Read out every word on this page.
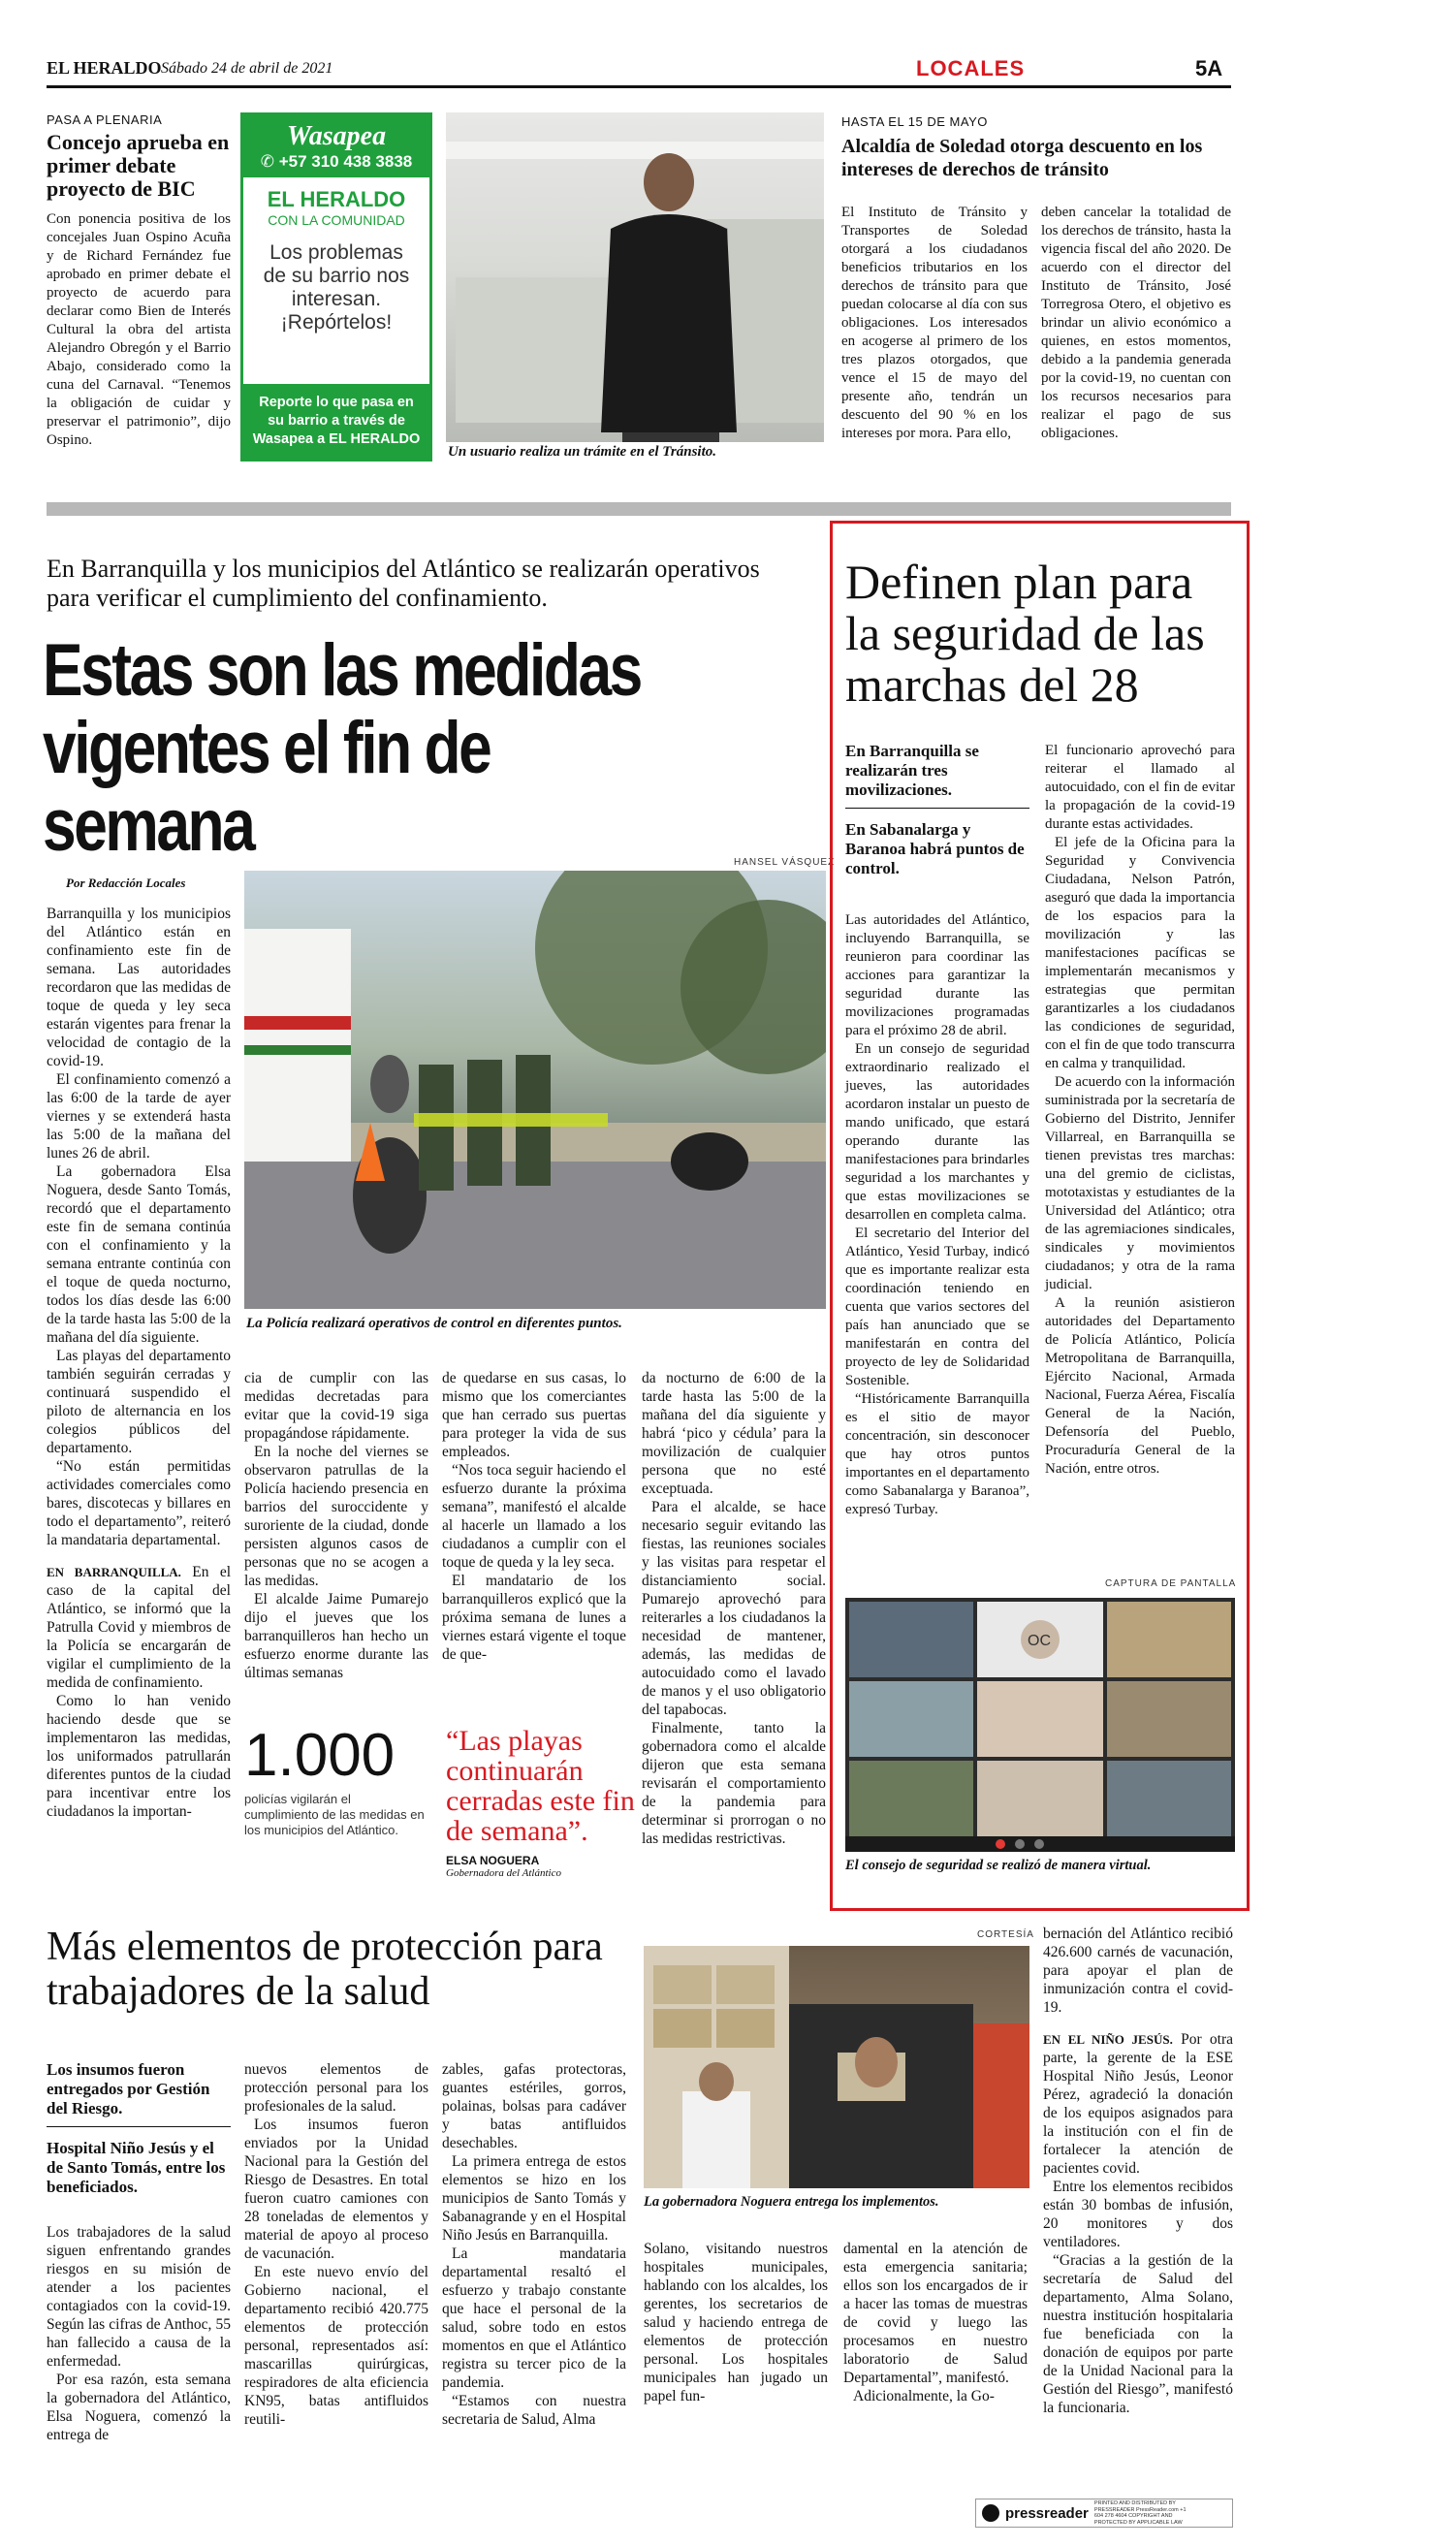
EL HERALDO Sábado 24 de abril de 2021	LOCALES	5A
PASA A PLENARIA
Concejo aprueba en primer debate proyecto de BIC
Con ponencia positiva de los concejales Juan Ospino Acuña y de Richard Fernández fue aprobado en primer debate el proyecto de acuerdo para declarar como Bien de Interés Cultural la obra del artista Alejandro Obregón y el Barrio Abajo, considerado como la cuna del Carnaval. “Tenemos la obligación de cuidar y preservar el patrimonio”, dijo Ospino.
Wasapea
✆ +57 310 438 3838
EL HERALDO
CON LA COMUNIDAD
Los problemas de su barrio nos interesan. ¡Repórtelos!
Reporte lo que pasa en su barrio a través de Wasapea a EL HERALDO
Un usuario realiza un trámite en el Tránsito.
HASTA EL 15 DE MAYO
Alcaldía de Soledad otorga descuento en los intereses de derechos de tránsito
El Instituto de Tránsito y Transportes de Soledad otorgará a los ciudadanos beneficios tributarios en los derechos de tránsito para que puedan colocarse al día con sus obligaciones. Los interesados en acogerse al primero de los tres plazos otorgados, que vence el 15 de mayo del presente año, tendrán un descuento del 90 % en los intereses por mora. Para ello,
deben cancelar la totalidad de los derechos de tránsito, hasta la vigencia fiscal del año 2020. De acuerdo con el director del Instituto de Tránsito, José Torregrosa Otero, el objetivo es brindar un alivio económico a quienes, en estos momentos, debido a la pandemia generada por la covid-19, no cuentan con los recursos necesarios para realizar el pago de sus obligaciones.
En Barranquilla y los municipios del Atlántico se realizarán operativos para verificar el cumplimiento del confinamiento.
Estas son las medidas vigentes el fin de semana
Por Redacción Locales
HANSEL VÁSQUEZ
La Policía realizará operativos de control en diferentes puntos.

Barranquilla y los municipios del Atlántico están en confinamiento este fin de semana. Las autoridades recordaron que las medidas de toque de queda y ley seca estarán vigentes para frenar la velocidad de contagio de la covid-19.

El confinamiento comenzó a las 6:00 de la tarde de ayer viernes y se extenderá hasta las 5:00 de la mañana del lunes 26 de abril.

La gobernadora Elsa Noguera, desde Santo Tomás, recordó que el departamento este fin de semana continúa con el confinamiento y la semana entrante continúa con el toque de queda nocturno, todos los días desde las 6:00 de la tarde hasta las 5:00 de la mañana del día siguiente.

Las playas del departamento también seguirán cerradas y continuará suspendido el piloto de alternancia en los colegios públicos del departamento.

“No están permitidas actividades comerciales como bares, discotecas y billares en todo el departamento”, reiteró la mandataria departamental.

EN BARRANQUILLA. En el caso de la capital del Atlántico, se informó que la Patrulla Covid y miembros de la Policía se encargarán de vigilar el cumplimiento de la medida de confinamiento.

Como lo han venido haciendo desde que se implementaron las medidas, los uniformados patrullarán diferentes puntos de la ciudad para incentivar entre los ciudadanos la importan-

cia de cumplir con las medidas decretadas para evitar que la covid-19 siga propagándose rápidamente.

En la noche del viernes se observaron patrullas de la Policía haciendo presencia en barrios del suroccidente y suroriente de la ciudad, donde persisten algunos casos de personas que no se acogen a las medidas.

El alcalde Jaime Pumarejo dijo el jueves que los barranquilleros han hecho un esfuerzo enorme durante las últimas semanas

de quedarse en sus casas, lo mismo que los comerciantes que han cerrado sus puertas para proteger la vida de sus empleados.

“Nos toca seguir haciendo el esfuerzo durante la próxima semana”, manifestó el alcalde al hacerle un llamado a los ciudadanos a cumplir con el toque de queda y la ley seca.

El mandatario de los barranquilleros explicó que la próxima semana de lunes a viernes estará vigente el toque de que-

da nocturno de 6:00 de la tarde hasta las 5:00 de la mañana del día siguiente y habrá ‘pico y cédula’ para la movilización de cualquier persona que no esté exceptuada.

Para el alcalde, se hace necesario seguir evitando las fiestas, las reuniones sociales y las visitas para respetar el distanciamiento social. Pumarejo aprovechó para reiterarles a los ciudadanos la necesidad de mantener, además, las medidas de autocuidado como el lavado de manos y el uso obligatorio del tapabocas.

Finalmente, tanto la gobernadora como el alcalde dijeron que esta semana revisarán el comportamiento de la pandemia para determinar si prorrogan o no las medidas restrictivas.

1.000
policías vigilarán el cumplimiento de las medidas en los municipios del Atlántico.
“Las playas continuarán cerradas este fin de semana”.
ELSA NOGUERA
Gobernadora del Atlántico
Definen plan para la seguridad de las marchas del 28
En Barranquilla se realizarán tres movilizaciones.
En Sabanalarga y Baranoa habrá puntos de control.

Las autoridades del Atlántico, incluyendo Barranquilla, se reunieron para coordinar las acciones para garantizar la seguridad durante las movilizaciones programadas para el próximo 28 de abril.

En un consejo de seguridad extraordinario realizado el jueves, las autoridades acordaron instalar un puesto de mando unificado, que estará operando durante las manifestaciones para brindarles seguridad a los marchantes y que estas movilizaciones se desarrollen en completa calma.

El secretario del Interior del Atlántico, Yesid Turbay, indicó que es importante realizar esta coordinación teniendo en cuenta que varios sectores del país han anunciado que se manifestarán en contra del proyecto de ley de Solidaridad Sostenible.

“Históricamente Barranquilla es el sitio de mayor concentración, sin desconocer que hay otros puntos importantes en el departamento como Sabanalarga y Baranoa”, expresó Turbay.

El funcionario aprovechó para reiterar el llamado al autocuidado, con el fin de evitar la propagación de la covid-19 durante estas actividades.

El jefe de la Oficina para la Seguridad y Convivencia Ciudadana, Nelson Patrón, aseguró que dada la importancia de los espacios para la movilización y las manifestaciones pacíficas se implementarán mecanismos y estrategias que permitan garantizarles a los ciudadanos las condiciones de seguridad, con el fin de que todo transcurra en calma y tranquilidad.

De acuerdo con la información suministrada por la secretaría de Gobierno del Distrito, Jennifer Villarreal, en Barranquilla se tienen previstas tres marchas: una del gremio de ciclistas, mototaxistas y estudiantes de la Universidad del Atlántico; otra de las agremiaciones sindicales, sindicales y movimientos ciudadanos; y otra de la rama judicial.

A la reunión asistieron autoridades del Departamento de Policía Atlántico, Policía Metropolitana de Barranquilla, Ejército Nacional, Armada Nacional, Fuerza Aérea, Fiscalía General de la Nación, Defensoría del Pueblo, Procuraduría General de la Nación, entre otros.

CAPTURA DE PANTALLA
OC
El consejo de seguridad se realizó de manera virtual.
Más elementos de protección para trabajadores de la salud
Los insumos fueron entregados por Gestión del Riesgo.
Hospital Niño Jesús y el de Santo Tomás, entre los beneficiados.

Los trabajadores de la salud siguen enfrentando grandes riesgos en su misión de atender a los pacientes contagiados con la covid-19. Según las cifras de Anthoc, 55 han fallecido a causa de la enfermedad.

Por esa razón, esta semana la gobernadora del Atlántico, Elsa Noguera, comenzó la entrega de

nuevos elementos de protección personal para los profesionales de la salud.

Los insumos fueron enviados por la Unidad Nacional para la Gestión del Riesgo de Desastres. En total fueron cuatro camiones con 28 toneladas de elementos y material de apoyo al proceso de vacunación.

En este nuevo envío del Gobierno nacional, el departamento recibió 420.775 elementos de protección personal, representados así: mascarillas quirúrgicas, respiradores de alta eficiencia KN95, batas antifluidos reutili-

zables, gafas protectoras, guantes estériles, gorros, polainas, bolsas para cadáver y batas antifluidos desechables.

La primera entrega de estos elementos se hizo en los municipios de Santo Tomás y Sabanagrande y en el Hospital Niño Jesús en Barranquilla.

La mandataria departamental resaltó el esfuerzo y trabajo constante que hace el personal de la salud, sobre todo en estos momentos en que el Atlántico registra su tercer pico de la pandemia.

“Estamos con nuestra secretaria de Salud, Alma

CORTESÍA
La gobernadora Noguera entrega los implementos.

Solano, visitando nuestros hospitales municipales, hablando con los alcaldes, los gerentes, los secretarios de salud y haciendo entrega de elementos de protección personal. Los hospitales municipales han jugado un papel fun-

damental en la atención de esta emergencia sanitaria; ellos son los encargados de ir a hacer las tomas de muestras de covid y luego las procesamos en nuestro laboratorio de Salud Departamental”, manifestó.

Adicionalmente, la Go-

bernación del Atlántico recibió 426.600 carnés de vacunación, para apoyar el plan de inmunización contra el covid-19.

EN EL NIÑO JESÚS. Por otra parte, la gerente de la ESE Hospital Niño Jesús, Leonor Pérez, agradeció la donación de los equipos asignados para la institución con el fin de fortalecer la atención de pacientes covid.

Entre los elementos recibidos están 30 bombas de infusión, 20 monitores y dos ventiladores.

“Gracias a la gestión de la secretaría de Salud del departamento, Alma Solano, nuestra institución hospitalaria fue beneficiada con la donación de equipos por parte de la Unidad Nacional para la Gestión del Riesgo”, manifestó la funcionaria.

pressreader
PRINTED AND DISTRIBUTED BY PRESSREADER PressReader.com +1 604 278 4604 COPYRIGHT AND PROTECTED BY APPLICABLE LAW
